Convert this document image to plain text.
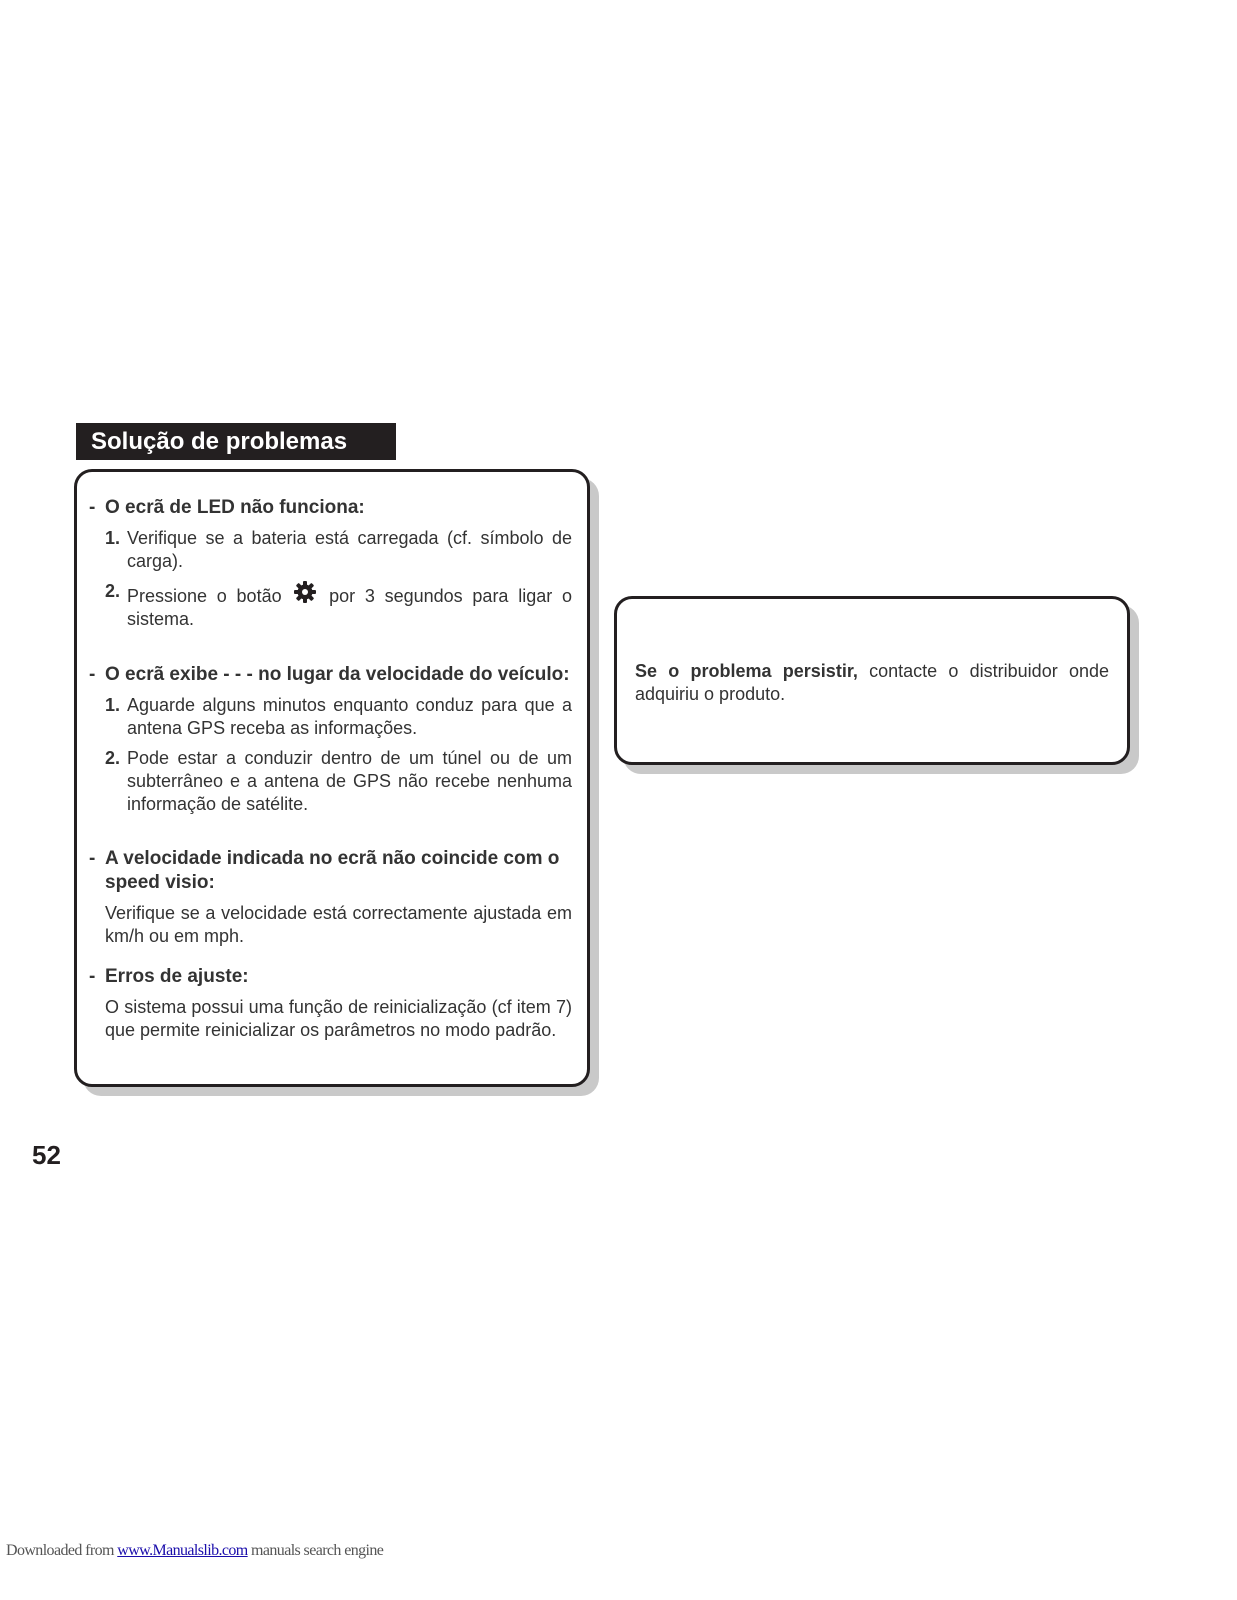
Solução de problemas
- O ecrã de LED não funciona:
1. Verifique se a bateria está carregada (cf. símbolo de carga).
2. Pressione o botão	por 3 segundos para ligar o sistema.
- O ecrã exibe - - - no lugar da velocidade do veículo:
1. Aguarde alguns minutos enquanto conduz para que a antena GPS receba as informações.
2. Pode estar a conduzir dentro de um túnel ou de um subterrâneo e a antena de GPS não recebe nenhuma informação de satélite.
- A velocidade indicada no ecrã não coincide com o speed visio:
Verifique se a velocidade está correctamente ajustada em km/h ou em mph.
- Erros de ajuste:
O sistema possui uma função de reinicialização (cf item 7) que permite reinicializar os parâmetros no modo padrão.
Se o problema persistir, contacte o distribuidor onde adquiriu o produto.
52
Downloaded from www.Manualslib.com manuals search engine
